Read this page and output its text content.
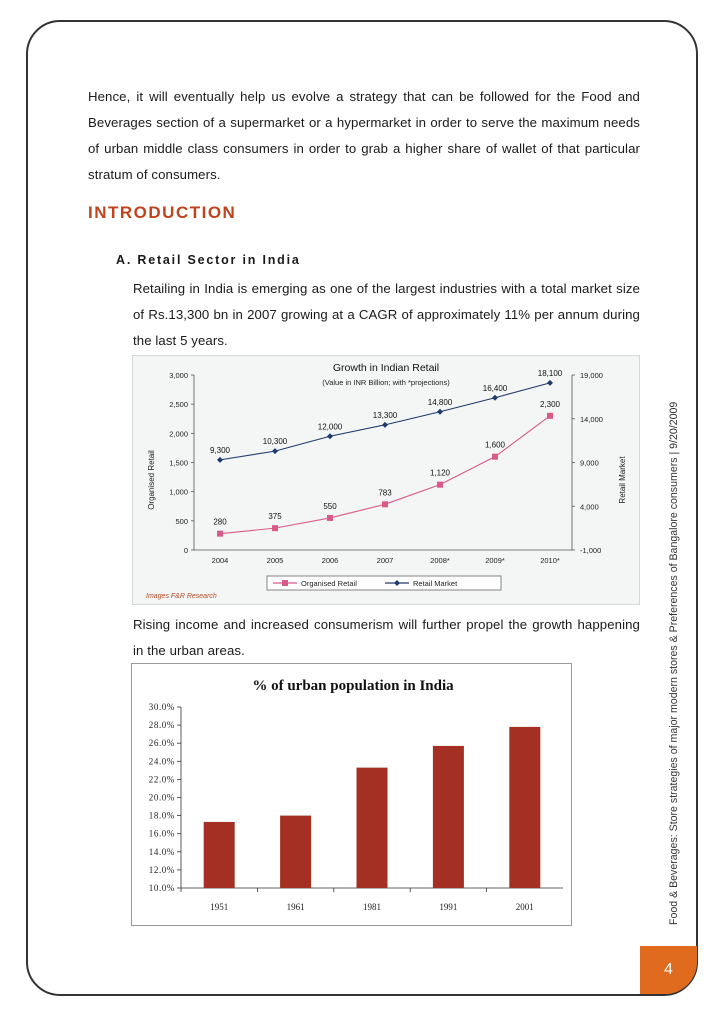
Hence, it will eventually help us evolve a strategy that can be followed for the Food and Beverages section of a supermarket or a hypermarket in order to serve the maximum needs of urban middle class consumers in order to grab a higher share of wallet of that particular stratum of consumers.

INTRODUCTION
A. Retail Sector in India

Retailing in India is emerging as one of the largest industries with a total market size of Rs.13,300 bn in 2007 growing at a CAGR of approximately 11% per annum during the last 5 years.

Growth in Indian Retail
(Value in INR Billion; with *projections)
Organised Retail	Retail Market
3,000
2,500
2,000
1,500
1,000
500
0
19,000
14,000
9,000
4,000
-1,000
2004	2005	2006	2007	2008*	2009*	2010*
9,300
10,300
12,000
13,300
14,800
16,400
18,100
280
375
550
783
1,120
1,600
2,300
Organised Retail	Retail Market
Images F&R Research

Rising income and increased consumerism will further propel the growth happening in the urban areas.

% of urban population in India
30.0%
28.0%
26.0%
24.0%
22.0%
20.0%
18.0%
16.0%
14.0%
12.0%
10.0%
1951	1961	1981	1991	2001	Food & Beverages: Store strategies of major modern stores & Preferences of Bangalore consumers | 9/20/2009
4
